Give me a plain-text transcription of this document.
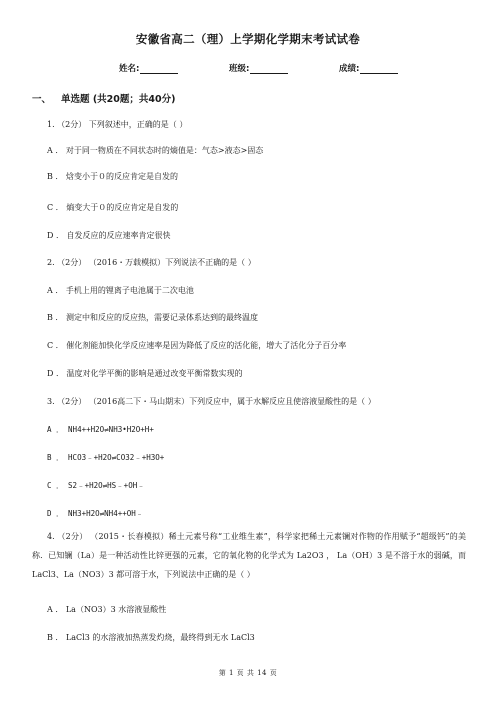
安徽省高二（理）上学期化学期末考试试卷
姓名:	班级:	成绩:
一、 单选题 (共20题；共40分)
1. （2分） 下列叙述中，正确的是（ ）
A ． 对于同一物质在不同状态时的熵值是：气态>液态>固态
B ． 焓变小于０的反应肯定是自发的
C ． 熵变大于０的反应肯定是自发的
D ． 自发反应的反应速率肯定很快
2. （2分） （2016・万载模拟）下列说法不正确的是（ ）
A ． 手机上用的锂离子电池属于二次电池
B ． 测定中和反应的反应热，需要记录体系达到的最终温度
C ． 催化剂能加快化学反应速率是因为降低了反应的活化能，增大了活化分子百分率
D ． 温度对化学平衡的影响是通过改变平衡常数实现的
3. （2分） （2016高二下・马山期末）下列反应中，属于水解反应且使溶液显酸性的是（ ）
A ． NH4++H2O⇌NH3•H2O+H+
B ． HCO3﹣+H2O⇌CO32﹣+H3O+
C ． S2﹣+H2O⇌HS﹣+OH﹣
D ． NH3+H2O⇌NH4++OH﹣
4. （2分） （2015・长春模拟）稀土元素号称“工业维生素”，科学家把稀土元素镧对作物的作用赋予“超级钙”的美称．已知镧（La）是一种活动性比锌更强的元素，它的氧化物的化学式为 La2O3 ， La（OH）3 是不溶于水的弱碱，而 LaCl3、La（NO3）3 都可溶于水，下列说法中正确的是（ ）
A ． La（NO3）3 水溶液显酸性
B ． LaCl3 的水溶液加热蒸发灼烧，最终得到无水 LaCl3
第 1 页 共 14 页
